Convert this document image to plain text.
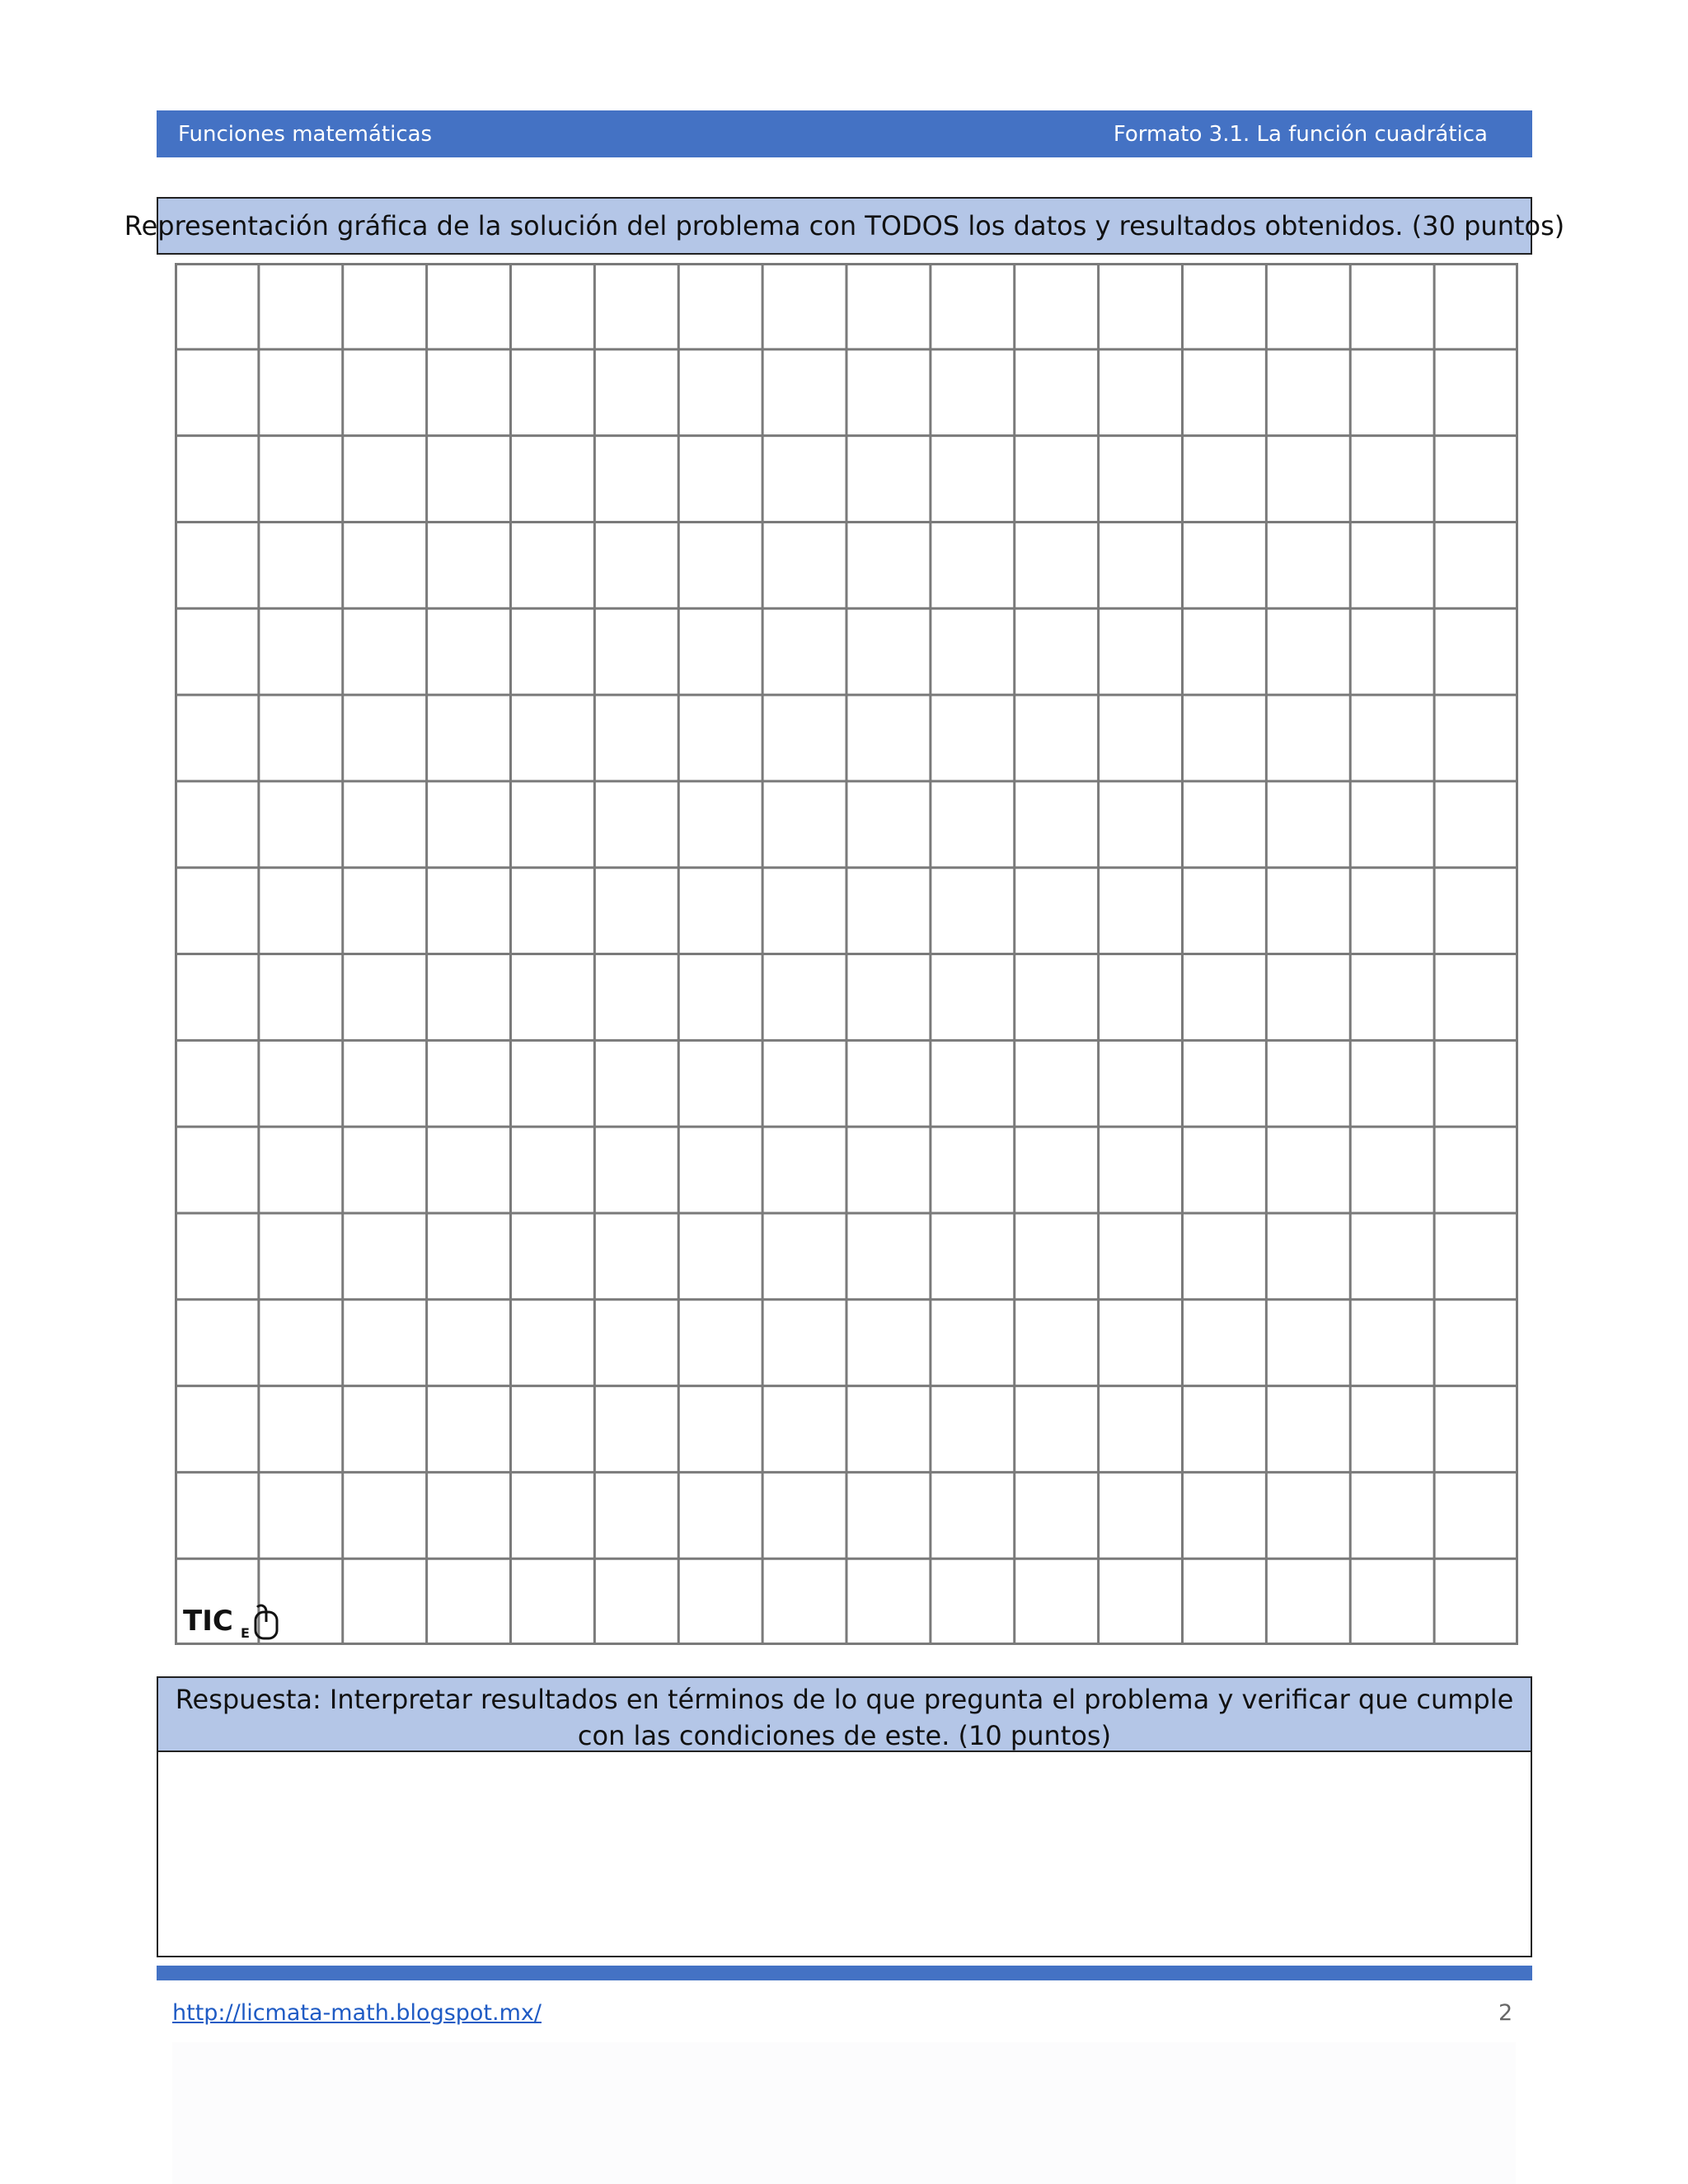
Funciones matemáticas	Formato 3.1. La función cuadrática
Representación gráfica de la solución del problema con TODOS los datos y resultados obtenidos. (30 puntos)
TIC E
Respuesta: Interpretar resultados en términos de lo que pregunta el problema y verificar que cumple con las condiciones de este. (10 puntos)
http://licmata-math.blogspot.mx/	2
